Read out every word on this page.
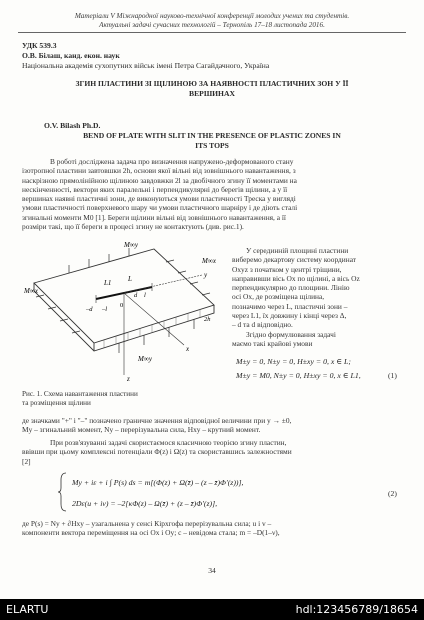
Матеріали V Міжнародної науково-технічної конференції молодих учених та студентів.
Актуальні задачі сучасних технологій – Тернопіль 17–18 листопада 2016.
УДК 539.3
О.В. Білаш, канд. екон. наук
Національна академія сухопутних військ імені Петра Сагайдачного, Україна
ЗГИН ПЛАСТИНИ ЗІ ЩІЛИНОЮ ЗА НАЯВНОСТІ ПЛАСТИЧНИХ ЗОН У ЇЇ
ВЕРШИНАХ
O.V. Bilash Ph.D.
BEND OF PLATE WITH SLIT IN THE PRESENCE OF PLASTIC ZONES IN
ITS TOPS
В роботі досліджена задача про визначення напружено-деформованого стану
ізотропної пластини завтовшки 2h, основи якої вільні від зовнішнього навантаження, з
наскрізною прямолінійною щілиною завдовжки 2l за двобічного згину її моментами на
нескінченності, вектори яких паралельні і перпендикулярні до берегів щілини, а у її
вершинах наявні пластичні зони, де виконуються умови пластичності Треска у вигляді
умови пластичності поверхневого шару чи умови пластичного шарніру і де діють сталі
згинальні моменти M0 [1]. Береги щілини вільні від зовнішнього навантаження, а її
розміри такі, що її береги в процесі згину не контактують (див. рис.1).
M∞y
M∞x
M∞x
M∞y
L1 L
–d –l
d l
x
y
z
2h
0
Рис. 1. Схема навантаження пластини
та розміщення щілини
У серединній площині пластини
виберемо декартову систему координат
Oxyz з початком у центрі тріщини,
направивши вісь Ox по щілині, а вісь Oz
перпендикулярно до площини. Лінію
осі Ox, де розміщена щілина,
позначимо через L, пластичні зони –
через L1, їх довжину і кінці через Δ,
– d та d відповідно.
Згідно формулювання задачі
маємо такі крайові умови
M±y = 0, N±y = 0, H±xy = 0, x ∈ L;
M±y = M0, N±y = 0, H±xy = 0, x ∈ L1,	(1)
де значками "+" і "–" позначено граничне значення відповідної величини при y → ±0,
My – згинальний момент, Ny – перерізувальна сила, Hxy – крутний момент.
При розв'язуванні задачі скористаємося класичною теорією згину пластин,
ввівши при цьому комплексні потенціали Φ(z) і Ω(z) та скориставшись залежностями
[2]
My + iε + i ∫ P(s) ds = m[(Φ(z) + Ω(z̄) – (z – z̄)Φ′(z))],
2Dε(u + iv) = –2[κΦ(z) – Ω(z̄) + (z – z̄)Φ′(z)],
(2)
де P(s) = Ny + ∂Hxy – узагальнена у сенсі Кірхгофа перерізувальна сила; u і v –
компоненти вектора переміщення на осі Ox і Oy; c – невідома стала; m = –D(1–ν),
34
ELARTU	hdl:123456789/18654
